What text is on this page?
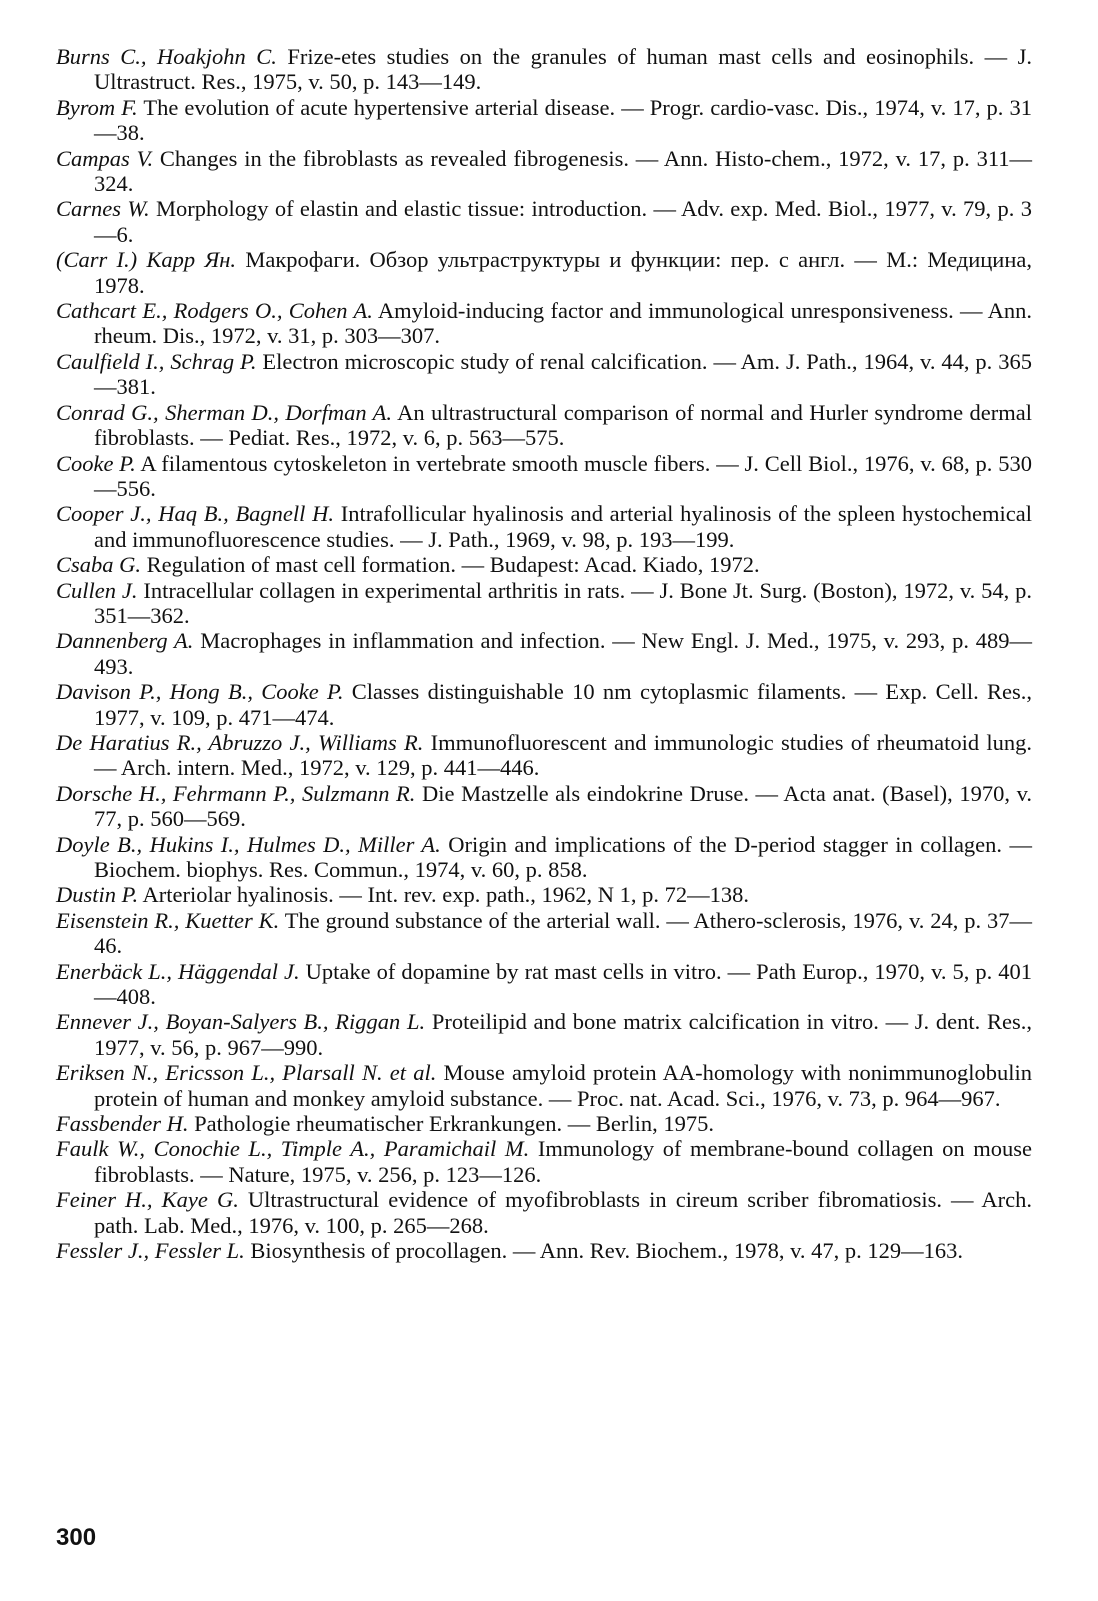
Burns C., Hoakjohn C. Frize-etes studies on the granules of human mast cells and eosinophils. — J. Ultrastruct. Res., 1975, v. 50, p. 143—149.

Byrom F. The evolution of acute hypertensive arterial disease. — Progr. cardio-vasc. Dis., 1974, v. 17, p. 31—38.

Campas V. Changes in the fibroblasts as revealed fibrogenesis. — Ann. Histo-chem., 1972, v. 17, p. 311—324.

Carnes W. Morphology of elastin and elastic tissue: introduction. — Adv. exp. Med. Biol., 1977, v. 79, p. 3—6.

(Carr I.) Карр Ян. Макрофаги. Обзор ультраструктуры и функции: пер. с англ. — М.: Медицина, 1978.

Cathcart E., Rodgers O., Cohen A. Amyloid-inducing factor and immunological unresponsiveness. — Ann. rheum. Dis., 1972, v. 31, p. 303—307.

Caulfield I., Schrag P. Electron microscopic study of renal calcification. — Am. J. Path., 1964, v. 44, p. 365—381.

Conrad G., Sherman D., Dorfman A. An ultrastructural comparison of normal and Hurler syndrome dermal fibroblasts. — Pediat. Res., 1972, v. 6, p. 563—575.

Cooke P. A filamentous cytoskeleton in vertebrate smooth muscle fibers. — J. Cell Biol., 1976, v. 68, p. 530—556.

Cooper J., Haq B., Bagnell H. Intrafollicular hyalinosis and arterial hyalinosis of the spleen hystochemical and immunofluorescence studies. — J. Path., 1969, v. 98, p. 193—199.

Csaba G. Regulation of mast cell formation. — Budapest: Acad. Kiado, 1972.

Cullen J. Intracellular collagen in experimental arthritis in rats. — J. Bone Jt. Surg. (Boston), 1972, v. 54, p. 351—362.

Dannenberg A. Macrophages in inflammation and infection. — New Engl. J. Med., 1975, v. 293, p. 489—493.

Davison P., Hong B., Cooke P. Classes distinguishable 10 nm cytoplasmic filaments. — Exp. Cell. Res., 1977, v. 109, p. 471—474.

De Haratius R., Abruzzo J., Williams R. Immunofluorescent and immunologic studies of rheumatoid lung. — Arch. intern. Med., 1972, v. 129, p. 441—446.

Dorsche H., Fehrmann P., Sulzmann R. Die Mastzelle als eindokrine Druse. — Acta anat. (Basel), 1970, v. 77, p. 560—569.

Doyle B., Hukins I., Hulmes D., Miller A. Origin and implications of the D-period stagger in collagen. — Biochem. biophys. Res. Commun., 1974, v. 60, p. 858.

Dustin P. Arteriolar hyalinosis. — Int. rev. exp. path., 1962, N 1, p. 72—138.

Eisenstein R., Kuetter K. The ground substance of the arterial wall. — Athero-sclerosis, 1976, v. 24, p. 37—46.

Enerbäck L., Häggendal J. Uptake of dopamine by rat mast cells in vitro. — Path Europ., 1970, v. 5, p. 401—408.

Ennever J., Boyan-Salyers B., Riggan L. Proteilipid and bone matrix calcification in vitro. — J. dent. Res., 1977, v. 56, p. 967—990.

Eriksen N., Ericsson L., Plarsall N. et al. Mouse amyloid protein AA-homology with nonimmunoglobulin protein of human and monkey amyloid substance. — Proc. nat. Acad. Sci., 1976, v. 73, p. 964—967.

Fassbender H. Pathologie rheumatischer Erkrankungen. — Berlin, 1975.

Faulk W., Conochie L., Timple A., Paramichail M. Immunology of membrane-bound collagen on mouse fibroblasts. — Nature, 1975, v. 256, p. 123—126.

Feiner H., Kaye G. Ultrastructural evidence of myofibroblasts in cireum scriber fibromatiosis. — Arch. path. Lab. Med., 1976, v. 100, p. 265—268.

Fessler J., Fessler L. Biosynthesis of procollagen. — Ann. Rev. Biochem., 1978, v. 47, p. 129—163.

300
